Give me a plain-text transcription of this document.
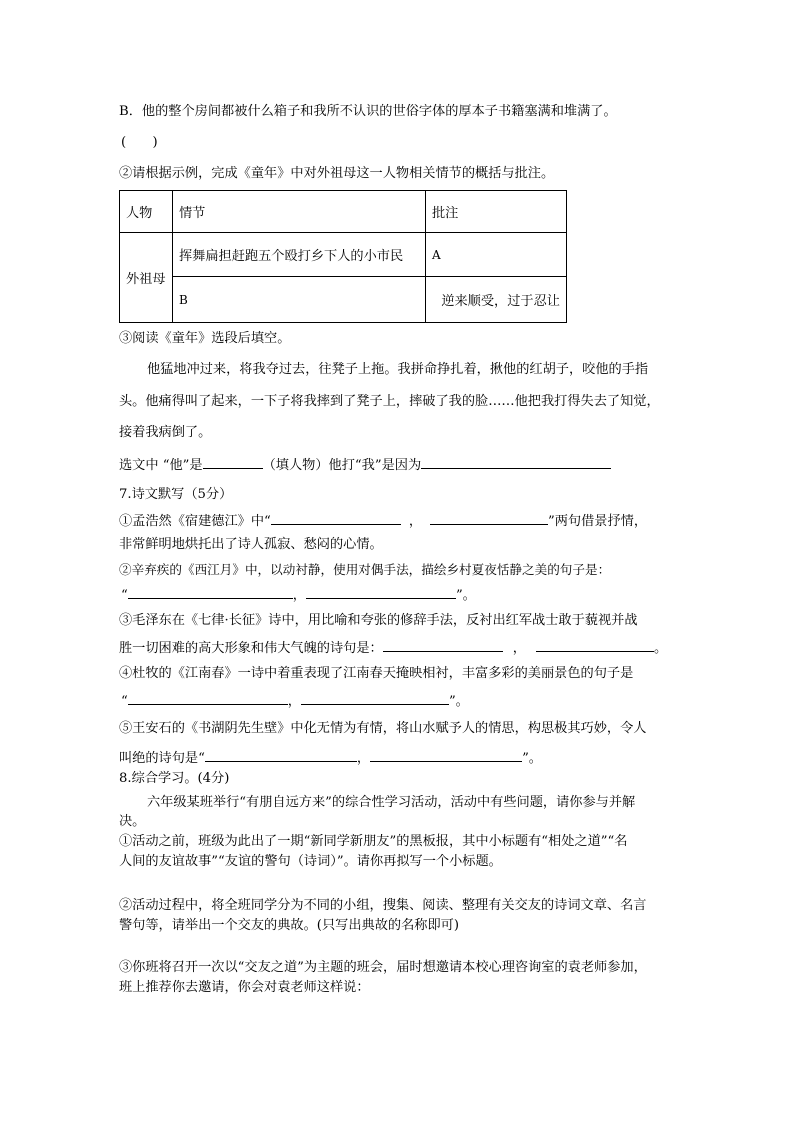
B．他的整个房间都被什么箱子和我所不认识的世俗字体的厚本子书籍塞满和堆满了。
(　　)
②请根据示例，完成《童年》中对外祖母这一人物相关情节的概括与批注。
人物	情节	批注
外祖母	挥舞扁担赶跑五个殴打乡下人的小市民	A
	B	逆来顺受，过于忍让
③阅读《童年》选段后填空。
他猛地冲过来，将我夺过去，往凳子上拖。我拼命挣扎着，揪他的红胡子，咬他的手指
头。他痛得叫了起来，一下子将我摔到了凳子上，摔破了我的脸……他把我打得失去了知觉，
接着我病倒了。
选文中 “他”是	（填人物）他打“我”是因为
7.诗文默写（5分）
①孟浩然《宿建德江》中“	，	”两句借景抒情，
非常鲜明地烘托出了诗人孤寂、愁闷的心情。
②辛弃疾的《西江月》中，以动衬静，使用对偶手法，描绘乡村夏夜恬静之美的句子是：
“	，	”。
③毛泽东在《七律·长征》诗中，用比喻和夸张的修辞手法，反衬出红军战士敢于藐视并战
胜一切困难的高大形象和伟大气魄的诗句是：	，	。
④杜牧的《江南春》一诗中着重表现了江南春天掩映相衬，丰富多彩的美丽景色的句子是
“	，	”。
⑤王安石的《书湖阴先生壁》中化无情为有情，将山水赋予人的情思，构思极其巧妙，令人
叫绝的诗句是“	，	”。
8.综合学习。(4分)
六年级某班举行“有朋自远方来”的综合性学习活动，活动中有些问题，请你参与并解
决。
①活动之前，班级为此出了一期“新同学新朋友”的黑板报，其中小标题有“相处之道”“名
人间的友谊故事”“友谊的警句（诗词）”。请你再拟写一个小标题。
②活动过程中，将全班同学分为不同的小组，搜集、阅读、整理有关交友的诗词文章、名言
警句等，请举出一个交友的典故。(只写出典故的名称即可)
③你班将召开一次以“交友之道”为主题的班会，届时想邀请本校心理咨询室的袁老师参加，
班上推荐你去邀请，你会对袁老师这样说：
